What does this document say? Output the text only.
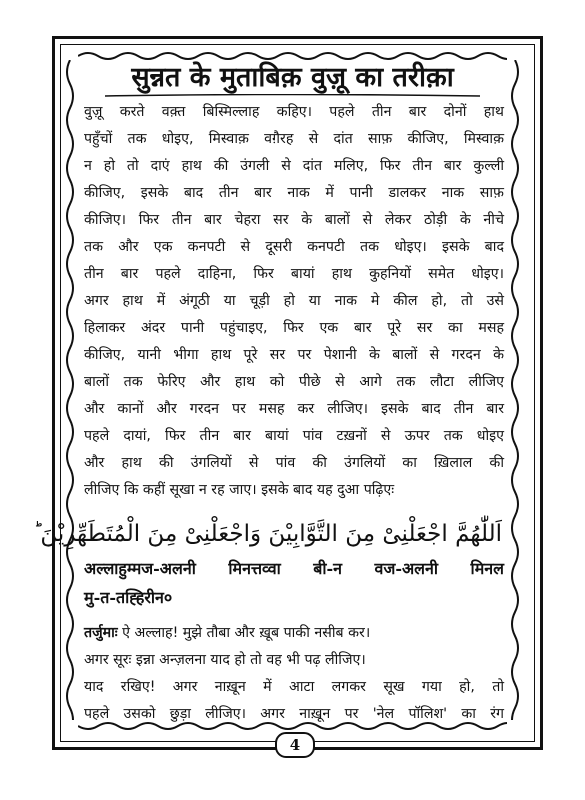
सुन्नत के मुताबिक़ वुज़ू का तरीक़ा
वुज़ू करते वक़्त बिस्मिल्लाह कहिए। पहले तीन बार दोनों हाथ
पहुँचों तक धोइए, मिस्वाक़ वग़ैरह से दांत साफ़ कीजिए, मिस्वाक़
न हो तो दाएं हाथ की उंगली से दांत मलिए, फिर तीन बार कुल्ली
कीजिए, इसके बाद तीन बार नाक में पानी डालकर नाक साफ़
कीजिए। फिर तीन बार चेहरा सर के बालों से लेकर ठोड़ी के नीचे
तक और एक कनपटी से दूसरी कनपटी तक धोइए। इसके बाद
तीन बार पहले दाहिना, फिर बायां हाथ कुहनियों समेत धोइए।
अगर हाथ में अंगूठी या चूड़ी हो या नाक मे कील हो, तो उसे
हिलाकर अंदर पानी पहुंचाइए, फिर एक बार पूरे सर का मसह
कीजिए, यानी भीगा हाथ पूरे सर पर पेशानी के बालों से गरदन के
बालों तक फेरिए और हाथ को पीछे से आगे तक लौटा लीजिए
और कानों और गरदन पर मसह कर लीजिए। इसके बाद तीन बार
पहले दायां, फिर तीन बार बायां पांव टख़नों से ऊपर तक धोइए
और हाथ की उंगलियों से पांव की उंगलियों का ख़िलाल की
लीजिए कि कहीं सूखा न रह जाए। इसके बाद यह दुआ पढ़िएः
اَللّٰهُمَّ اجْعَلْنِیْ مِنَ التَّوَّابِیْنَ وَاجْعَلْنِیْ مِنَ الْمُتَطَهِّرِیْنَ ؕ
अल्लाहुम्मज-अलनी मिनत्तव्वा बी-न वज-अलनी मिनल
मु-त-तह्हिरीन०
तर्जुमाः ऐ अल्लाह! मुझे तौबा और ख़ूब पाकी नसीब कर।
अगर सूरः इन्ना अन्ज़लना याद हो तो वह भी पढ़ लीजिए।
याद रखिए! अगर नाख़ून में आटा लगकर सूख गया हो, तो
पहले उसको छुड़ा लीजिए। अगर नाख़ून पर 'नेल पॉलिश' का रंग
4
